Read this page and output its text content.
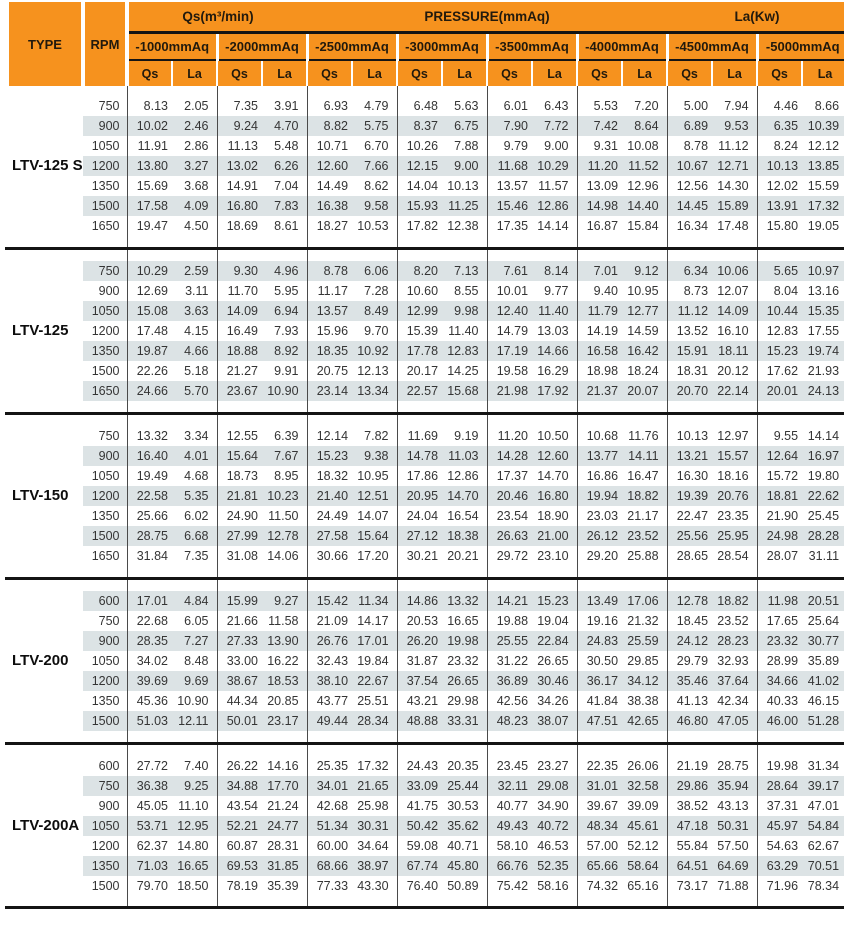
TYPE	RPM	Qs(m³/min)				PRESSURE(mmAq)								La(Kw)			
		-1000mmAq		-2000mmAq		-2500mmAq		-3000mmAq		-3500mmAq		-4000mmAq		-4500mmAq		-5000mmAq	
		Qs	La	Qs	La	Qs	La	Qs	La	Qs	La	Qs	La	Qs	La	Qs	La

LTV-125 S	750	8.13	2.05	7.35	3.91	6.93	4.79	6.48	5.63	6.01	6.43	5.53	7.20	5.00	7.94	4.46	8.66
	900	10.02	2.46	9.24	4.70	8.82	5.75	8.37	6.75	7.90	7.72	7.42	8.64	6.89	9.53	6.35	10.39
	1050	11.91	2.86	11.13	5.48	10.71	6.70	10.26	7.88	9.79	9.00	9.31	10.08	8.78	11.12	8.24	12.12
	1200	13.80	3.27	13.02	6.26	12.60	7.66	12.15	9.00	11.68	10.29	11.20	11.52	10.67	12.71	10.13	13.85
	1350	15.69	3.68	14.91	7.04	14.49	8.62	14.04	10.13	13.57	11.57	13.09	12.96	12.56	14.30	12.02	15.59
	1500	17.58	4.09	16.80	7.83	16.38	9.58	15.93	11.25	15.46	12.86	14.98	14.40	14.45	15.89	13.91	17.32
	1650	19.47	4.50	18.69	8.61	18.27	10.53	17.82	12.38	17.35	14.14	16.87	15.84	16.34	17.48	15.80	19.05

LTV-125	750	10.29	2.59	9.30	4.96	8.78	6.06	8.20	7.13	7.61	8.14	7.01	9.12	6.34	10.06	5.65	10.97
	900	12.69	3.11	11.70	5.95	11.17	7.28	10.60	8.55	10.01	9.77	9.40	10.95	8.73	12.07	8.04	13.16
	1050	15.08	3.63	14.09	6.94	13.57	8.49	12.99	9.98	12.40	11.40	11.79	12.77	11.12	14.09	10.44	15.35
	1200	17.48	4.15	16.49	7.93	15.96	9.70	15.39	11.40	14.79	13.03	14.19	14.59	13.52	16.10	12.83	17.55
	1350	19.87	4.66	18.88	8.92	18.35	10.92	17.78	12.83	17.19	14.66	16.58	16.42	15.91	18.11	15.23	19.74
	1500	22.26	5.18	21.27	9.91	20.75	12.13	20.17	14.25	19.58	16.29	18.98	18.24	18.31	20.12	17.62	21.93
	1650	24.66	5.70	23.67	10.90	23.14	13.34	22.57	15.68	21.98	17.92	21.37	20.07	20.70	22.14	20.01	24.13

LTV-150	750	13.32	3.34	12.55	6.39	12.14	7.82	11.69	9.19	11.20	10.50	10.68	11.76	10.13	12.97	9.55	14.14
	900	16.40	4.01	15.64	7.67	15.23	9.38	14.78	11.03	14.28	12.60	13.77	14.11	13.21	15.57	12.64	16.97
	1050	19.49	4.68	18.73	8.95	18.32	10.95	17.86	12.86	17.37	14.70	16.86	16.47	16.30	18.16	15.72	19.80
	1200	22.58	5.35	21.81	10.23	21.40	12.51	20.95	14.70	20.46	16.80	19.94	18.82	19.39	20.76	18.81	22.62
	1350	25.66	6.02	24.90	11.50	24.49	14.07	24.04	16.54	23.54	18.90	23.03	21.17	22.47	23.35	21.90	25.45
	1500	28.75	6.68	27.99	12.78	27.58	15.64	27.12	18.38	26.63	21.00	26.12	23.52	25.56	25.95	24.98	28.28
	1650	31.84	7.35	31.08	14.06	30.66	17.20	30.21	20.21	29.72	23.10	29.20	25.88	28.65	28.54	28.07	31.11

LTV-200	600	17.01	4.84	15.99	9.27	15.42	11.34	14.86	13.32	14.21	15.23	13.49	17.06	12.78	18.82	11.98	20.51
	750	22.68	6.05	21.66	11.58	21.09	14.17	20.53	16.65	19.88	19.04	19.16	21.32	18.45	23.52	17.65	25.64
	900	28.35	7.27	27.33	13.90	26.76	17.01	26.20	19.98	25.55	22.84	24.83	25.59	24.12	28.23	23.32	30.77
	1050	34.02	8.48	33.00	16.22	32.43	19.84	31.87	23.32	31.22	26.65	30.50	29.85	29.79	32.93	28.99	35.89
	1200	39.69	9.69	38.67	18.53	38.10	22.67	37.54	26.65	36.89	30.46	36.17	34.12	35.46	37.64	34.66	41.02
	1350	45.36	10.90	44.34	20.85	43.77	25.51	43.21	29.98	42.56	34.26	41.84	38.38	41.13	42.34	40.33	46.15
	1500	51.03	12.11	50.01	23.17	49.44	28.34	48.88	33.31	48.23	38.07	47.51	42.65	46.80	47.05	46.00	51.28

LTV-200A	600	27.72	7.40	26.22	14.16	25.35	17.32	24.43	20.35	23.45	23.27	22.35	26.06	21.19	28.75	19.98	31.34
	750	36.38	9.25	34.88	17.70	34.01	21.65	33.09	25.44	32.11	29.08	31.01	32.58	29.86	35.94	28.64	39.17
	900	45.05	11.10	43.54	21.24	42.68	25.98	41.75	30.53	40.77	34.90	39.67	39.09	38.52	43.13	37.31	47.01
	1050	53.71	12.95	52.21	24.77	51.34	30.31	50.42	35.62	49.43	40.72	48.34	45.61	47.18	50.31	45.97	54.84
	1200	62.37	14.80	60.87	28.31	60.00	34.64	59.08	40.71	58.10	46.53	57.00	52.12	55.84	57.50	54.63	62.67
	1350	71.03	16.65	69.53	31.85	68.66	38.97	67.74	45.80	66.76	52.35	65.66	58.64	64.51	64.69	63.29	70.51
	1500	79.70	18.50	78.19	35.39	77.33	43.30	76.40	50.89	75.42	58.16	74.32	65.16	73.17	71.88	71.96	78.34
